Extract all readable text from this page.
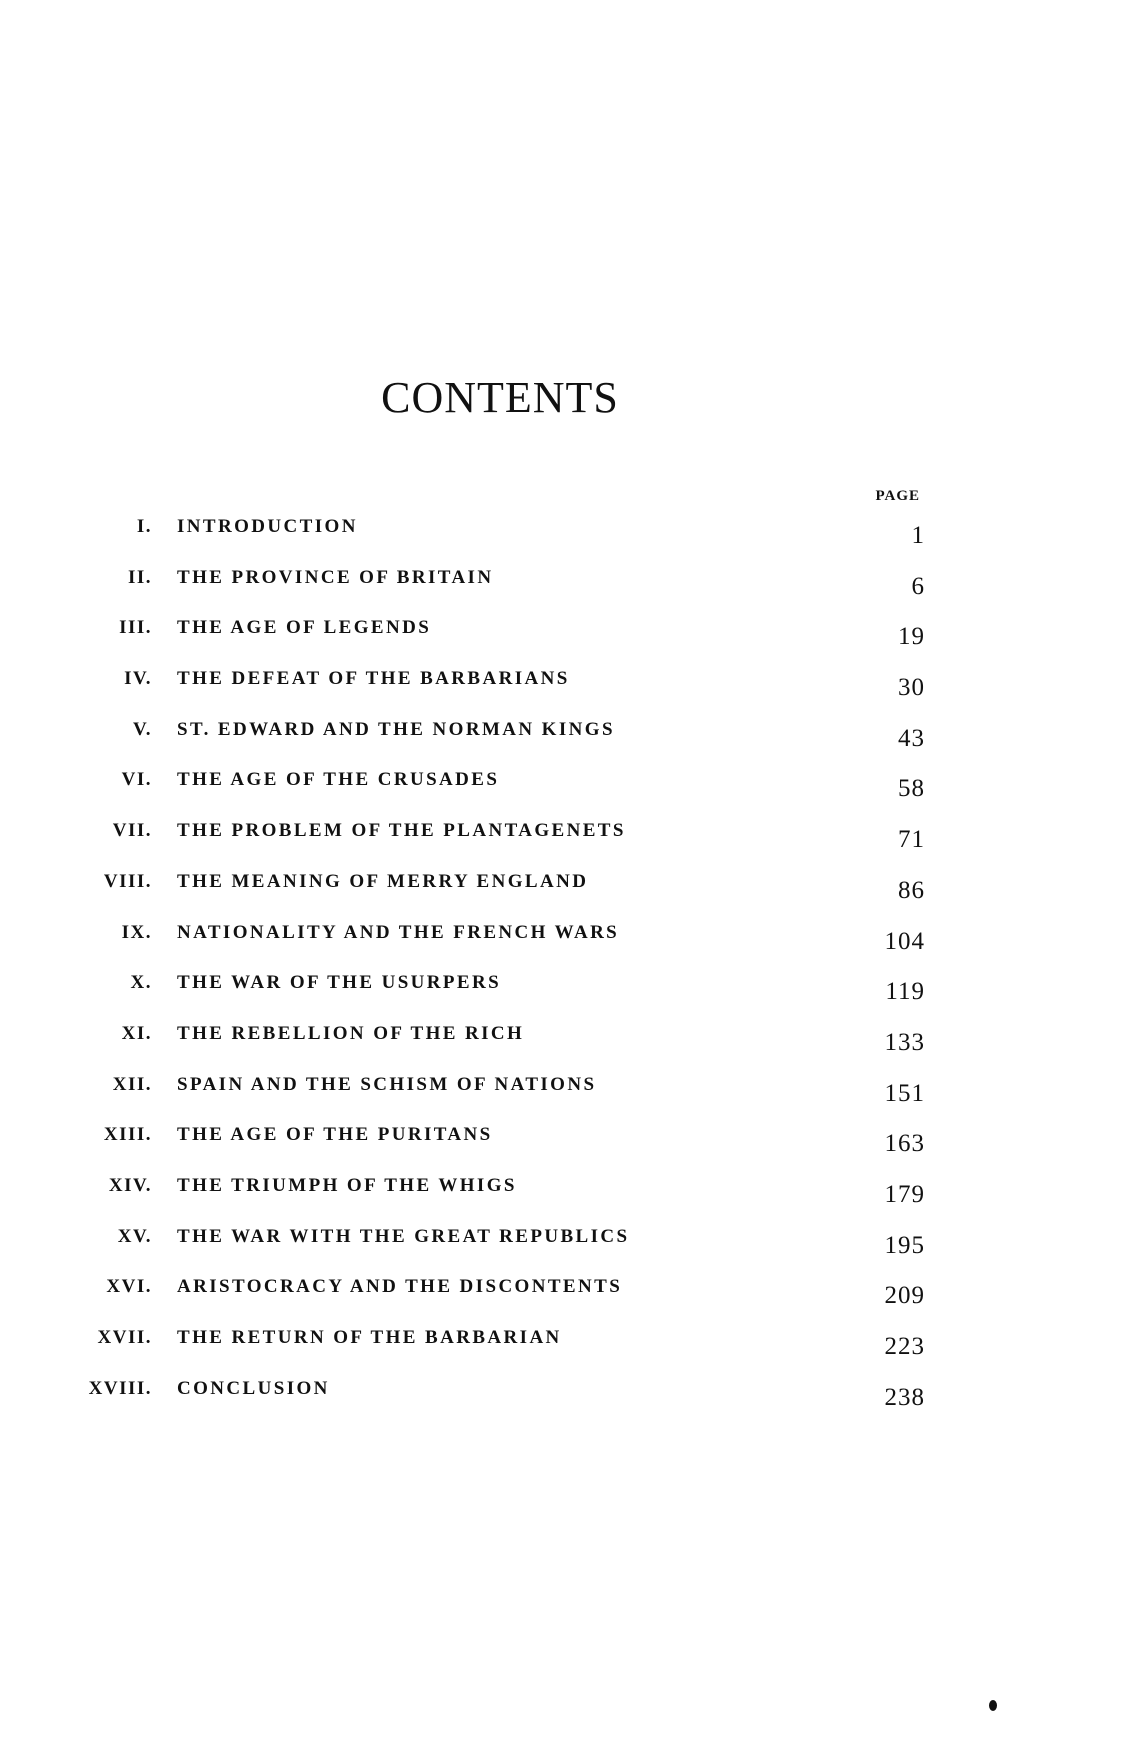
CONTENTS
PAGE
I. INTRODUCTION	1
II. THE PROVINCE OF BRITAIN	6
III. THE AGE OF LEGENDS	19
IV. THE DEFEAT OF THE BARBARIANS	30
V. ST. EDWARD AND THE NORMAN KINGS	43
VI. THE AGE OF THE CRUSADES	58
VII. THE PROBLEM OF THE PLANTAGENETS	71
VIII. THE MEANING OF MERRY ENGLAND	86
IX. NATIONALITY AND THE FRENCH WARS	104
X. THE WAR OF THE USURPERS	119
XI. THE REBELLION OF THE RICH	133
XII. SPAIN AND THE SCHISM OF NATIONS	151
XIII. THE AGE OF THE PURITANS	163
XIV. THE TRIUMPH OF THE WHIGS	179
XV. THE WAR WITH THE GREAT REPUBLICS	195
XVI. ARISTOCRACY AND THE DISCONTENTS	209
XVII. THE RETURN OF THE BARBARIAN	223
XVIII. CONCLUSION	238
